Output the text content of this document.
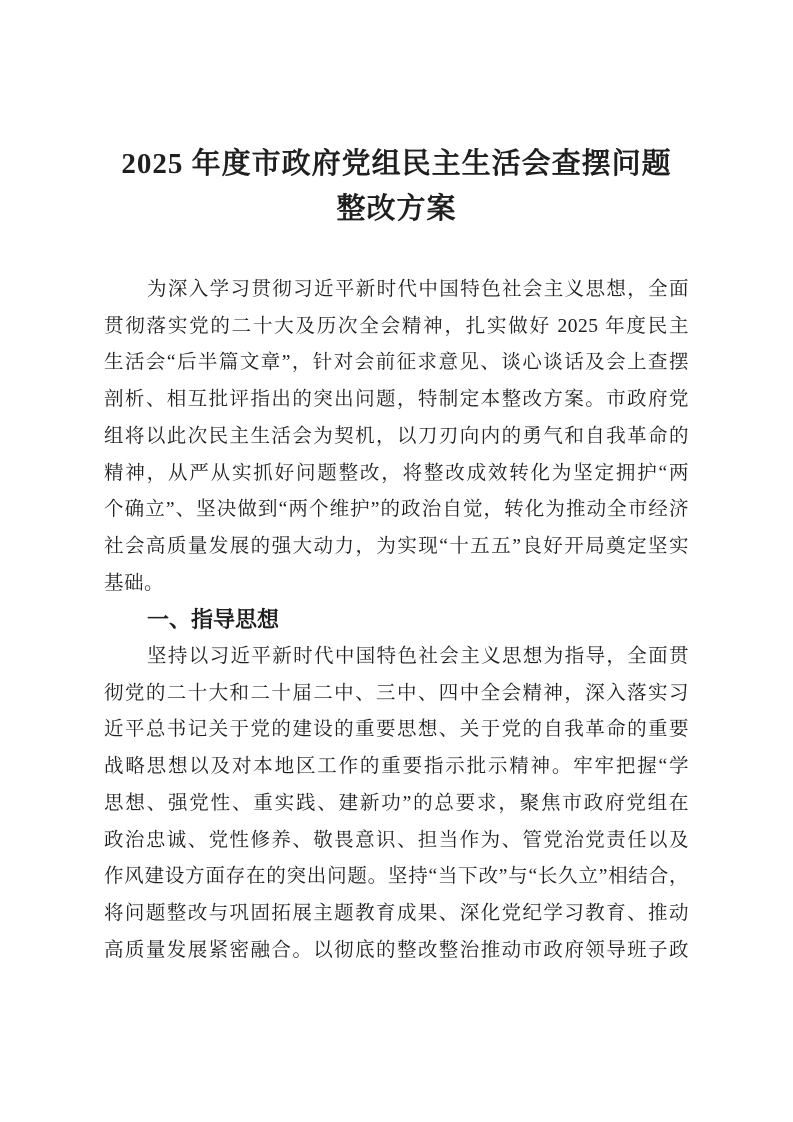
2025 年度市政府党组民主生活会查摆问题
整改方案
为深入学习贯彻习近平新时代中国特色社会主义思想，全面
贯彻落实党的二十大及历次全会精神，扎实做好 2025 年度民主
生活会“后半篇文章”，针对会前征求意见、谈心谈话及会上查摆
剖析、相互批评指出的突出问题，特制定本整改方案。市政府党
组将以此次民主生活会为契机，以刀刃向内的勇气和自我革命的
精神，从严从实抓好问题整改，将整改成效转化为坚定拥护“两
个确立”、坚决做到“两个维护”的政治自觉，转化为推动全市经济
社会高质量发展的强大动力，为实现“十五五”良好开局奠定坚实
基础。
一、指导思想
坚持以习近平新时代中国特色社会主义思想为指导，全面贯
彻党的二十大和二十届二中、三中、四中全会精神，深入落实习
近平总书记关于党的建设的重要思想、关于党的自我革命的重要
战略思想以及对本地区工作的重要指示批示精神。牢牢把握“学
思想、强党性、重实践、建新功”的总要求，聚焦市政府党组在
政治忠诚、党性修养、敬畏意识、担当作为、管党治党责任以及
作风建设方面存在的突出问题。坚持“当下改”与“长久立”相结合，
将问题整改与巩固拓展主题教育成果、深化党纪学习教育、推动
高质量发展紧密融合。以彻底的整改整治推动市政府领导班子政
